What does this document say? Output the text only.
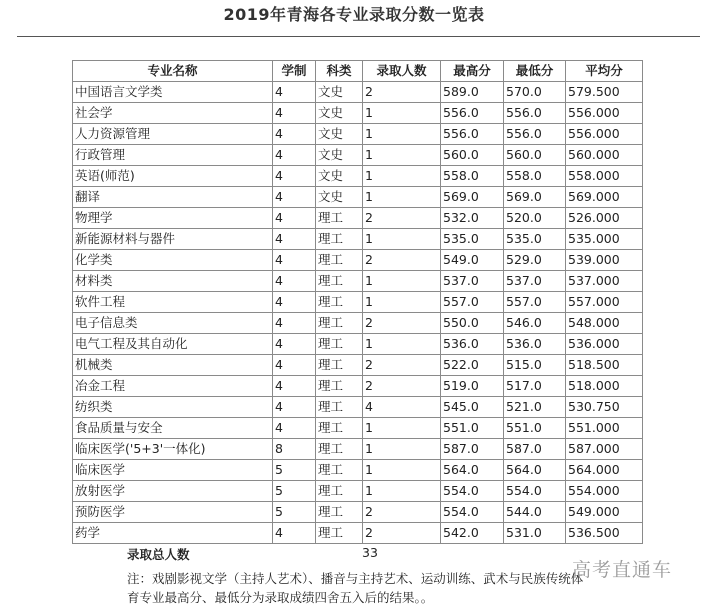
2019年青海各专业录取分数一览表
专业名称	学制	科类	录取人数	最高分	最低分	平均分
中国语言文学类	4	文史	2	589.0	570.0	579.500
社会学	4	文史	1	556.0	556.0	556.000
人力资源管理	4	文史	1	556.0	556.0	556.000
行政管理	4	文史	1	560.0	560.0	560.000
英语(师范)	4	文史	1	558.0	558.0	558.000
翻译	4	文史	1	569.0	569.0	569.000
物理学	4	理工	2	532.0	520.0	526.000
新能源材料与器件	4	理工	1	535.0	535.0	535.000
化学类	4	理工	2	549.0	529.0	539.000
材料类	4	理工	1	537.0	537.0	537.000
软件工程	4	理工	1	557.0	557.0	557.000
电子信息类	4	理工	2	550.0	546.0	548.000
电气工程及其自动化	4	理工	1	536.0	536.0	536.000
机械类	4	理工	2	522.0	515.0	518.500
冶金工程	4	理工	2	519.0	517.0	518.000
纺织类	4	理工	4	545.0	521.0	530.750
食品质量与安全	4	理工	1	551.0	551.0	551.000
临床医学('5+3'一体化)	8	理工	1	587.0	587.0	587.000
临床医学	5	理工	1	564.0	564.0	564.000
放射医学	5	理工	1	554.0	554.0	554.000
预防医学	5	理工	2	554.0	544.0	549.000
药学	4	理工	2	542.0	531.0	536.500
录取总人数	33
注：戏剧影视文学（主持人艺术）、播音与主持艺术、运动训练、武术与民族传统体育专业最高分、最低分为录取成绩四舍五入后的结果。。
高考直通车
